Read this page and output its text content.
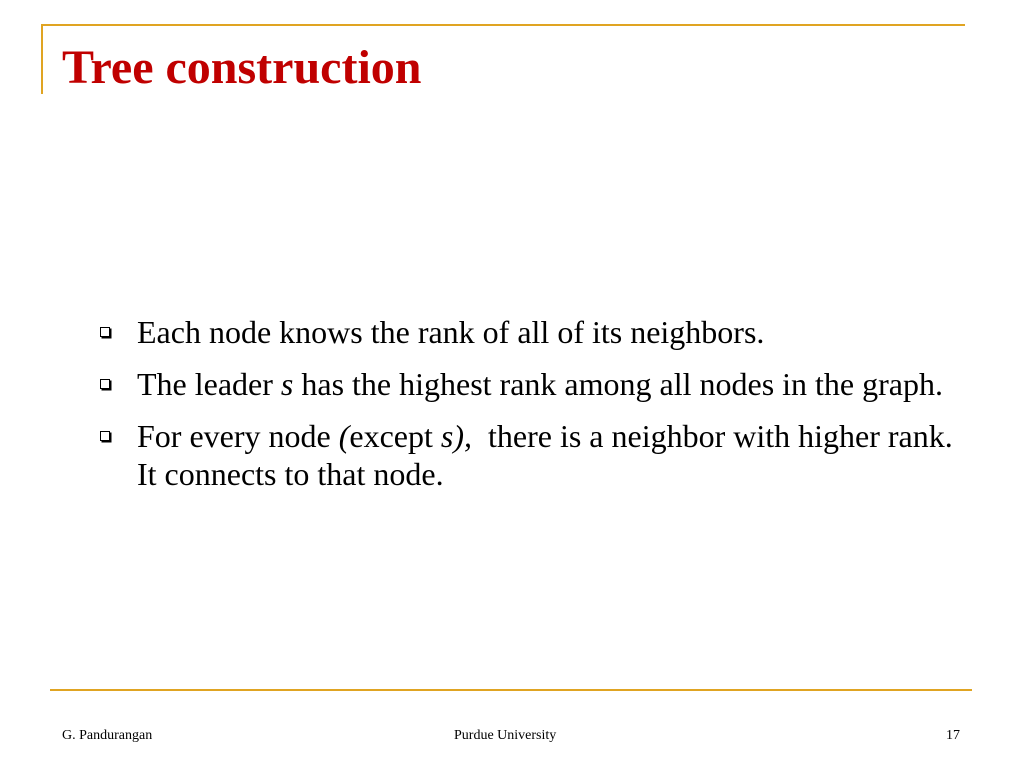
Tree construction
Each node knows the rank of all of its neighbors.
The leader s has the highest rank among all nodes in the graph.
For every node (except s),  there is a neighbor with higher rank. It connects to that node.
G. Pandurangan	Purdue University	17
